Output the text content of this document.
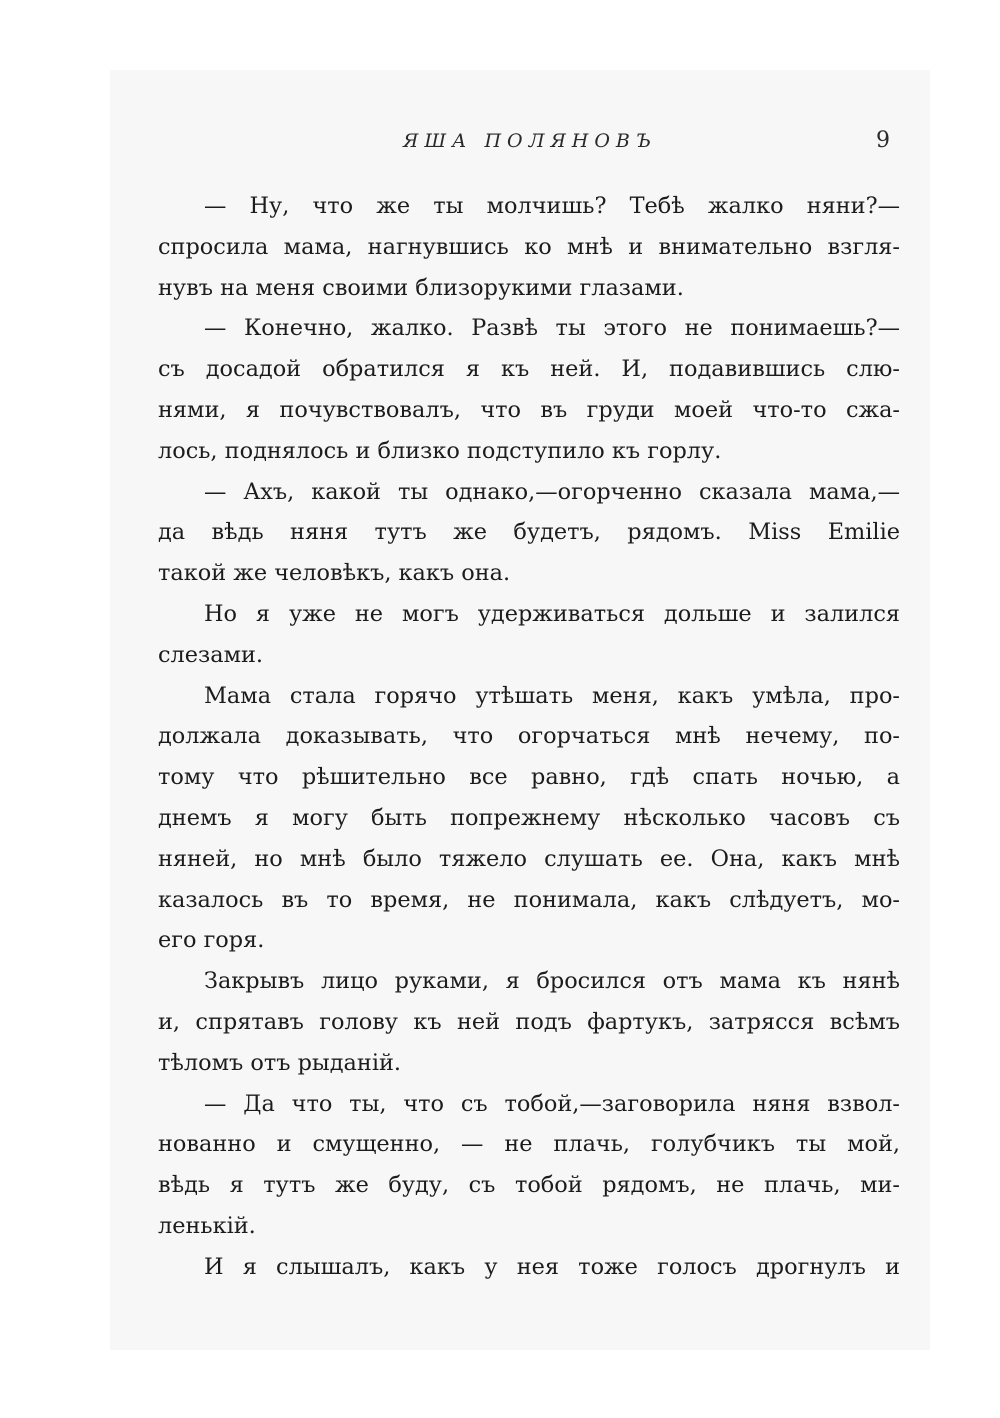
ЯША ПОЛЯНОВЪ	9
— Ну, что же ты молчишь? Тебѣ жалко няни?—
спросила мама, нагнувшись ко мнѣ и внимательно взгля-
нувъ на меня своими близорукими глазами.
— Конечно, жалко. Развѣ ты этого не понимаешь?—
съ досадой обратился я къ ней. И, подавившись слю-
нями, я почувствовалъ, что въ груди моей что-то сжа-
лось, поднялось и близко подступило къ горлу.
— Ахъ, какой ты однако,—огорченно сказала мама,—
да вѣдь няня тутъ же будетъ, рядомъ. Miss Emilie
такой же человѣкъ, какъ она.
Но я уже не могъ удерживаться дольше и залился
слезами.
Мама стала горячо утѣшать меня, какъ умѣла, про-
должала доказывать, что огорчаться мнѣ нечему, по-
тому что рѣшительно все равно, гдѣ спать ночью, а
днемъ я могу быть попрежнему нѣсколько часовъ съ
няней, но мнѣ было тяжело слушать ее. Она, какъ мнѣ
казалось въ то время, не понимала, какъ слѣдуетъ, мо-
его горя.
Закрывъ лицо руками, я бросился отъ мама къ нянѣ
и, спрятавъ голову къ ней подъ фартукъ, затрясся всѣмъ
тѣломъ отъ рыданій.
— Да что ты, что съ тобой,—заговорила няня взвол-
нованно и смущенно, — не плачь, голубчикъ ты мой,
вѣдь я тутъ же буду, съ тобой рядомъ, не плачь, ми-
ленькій.
И я слышалъ, какъ у нея тоже голосъ дрогнулъ и
